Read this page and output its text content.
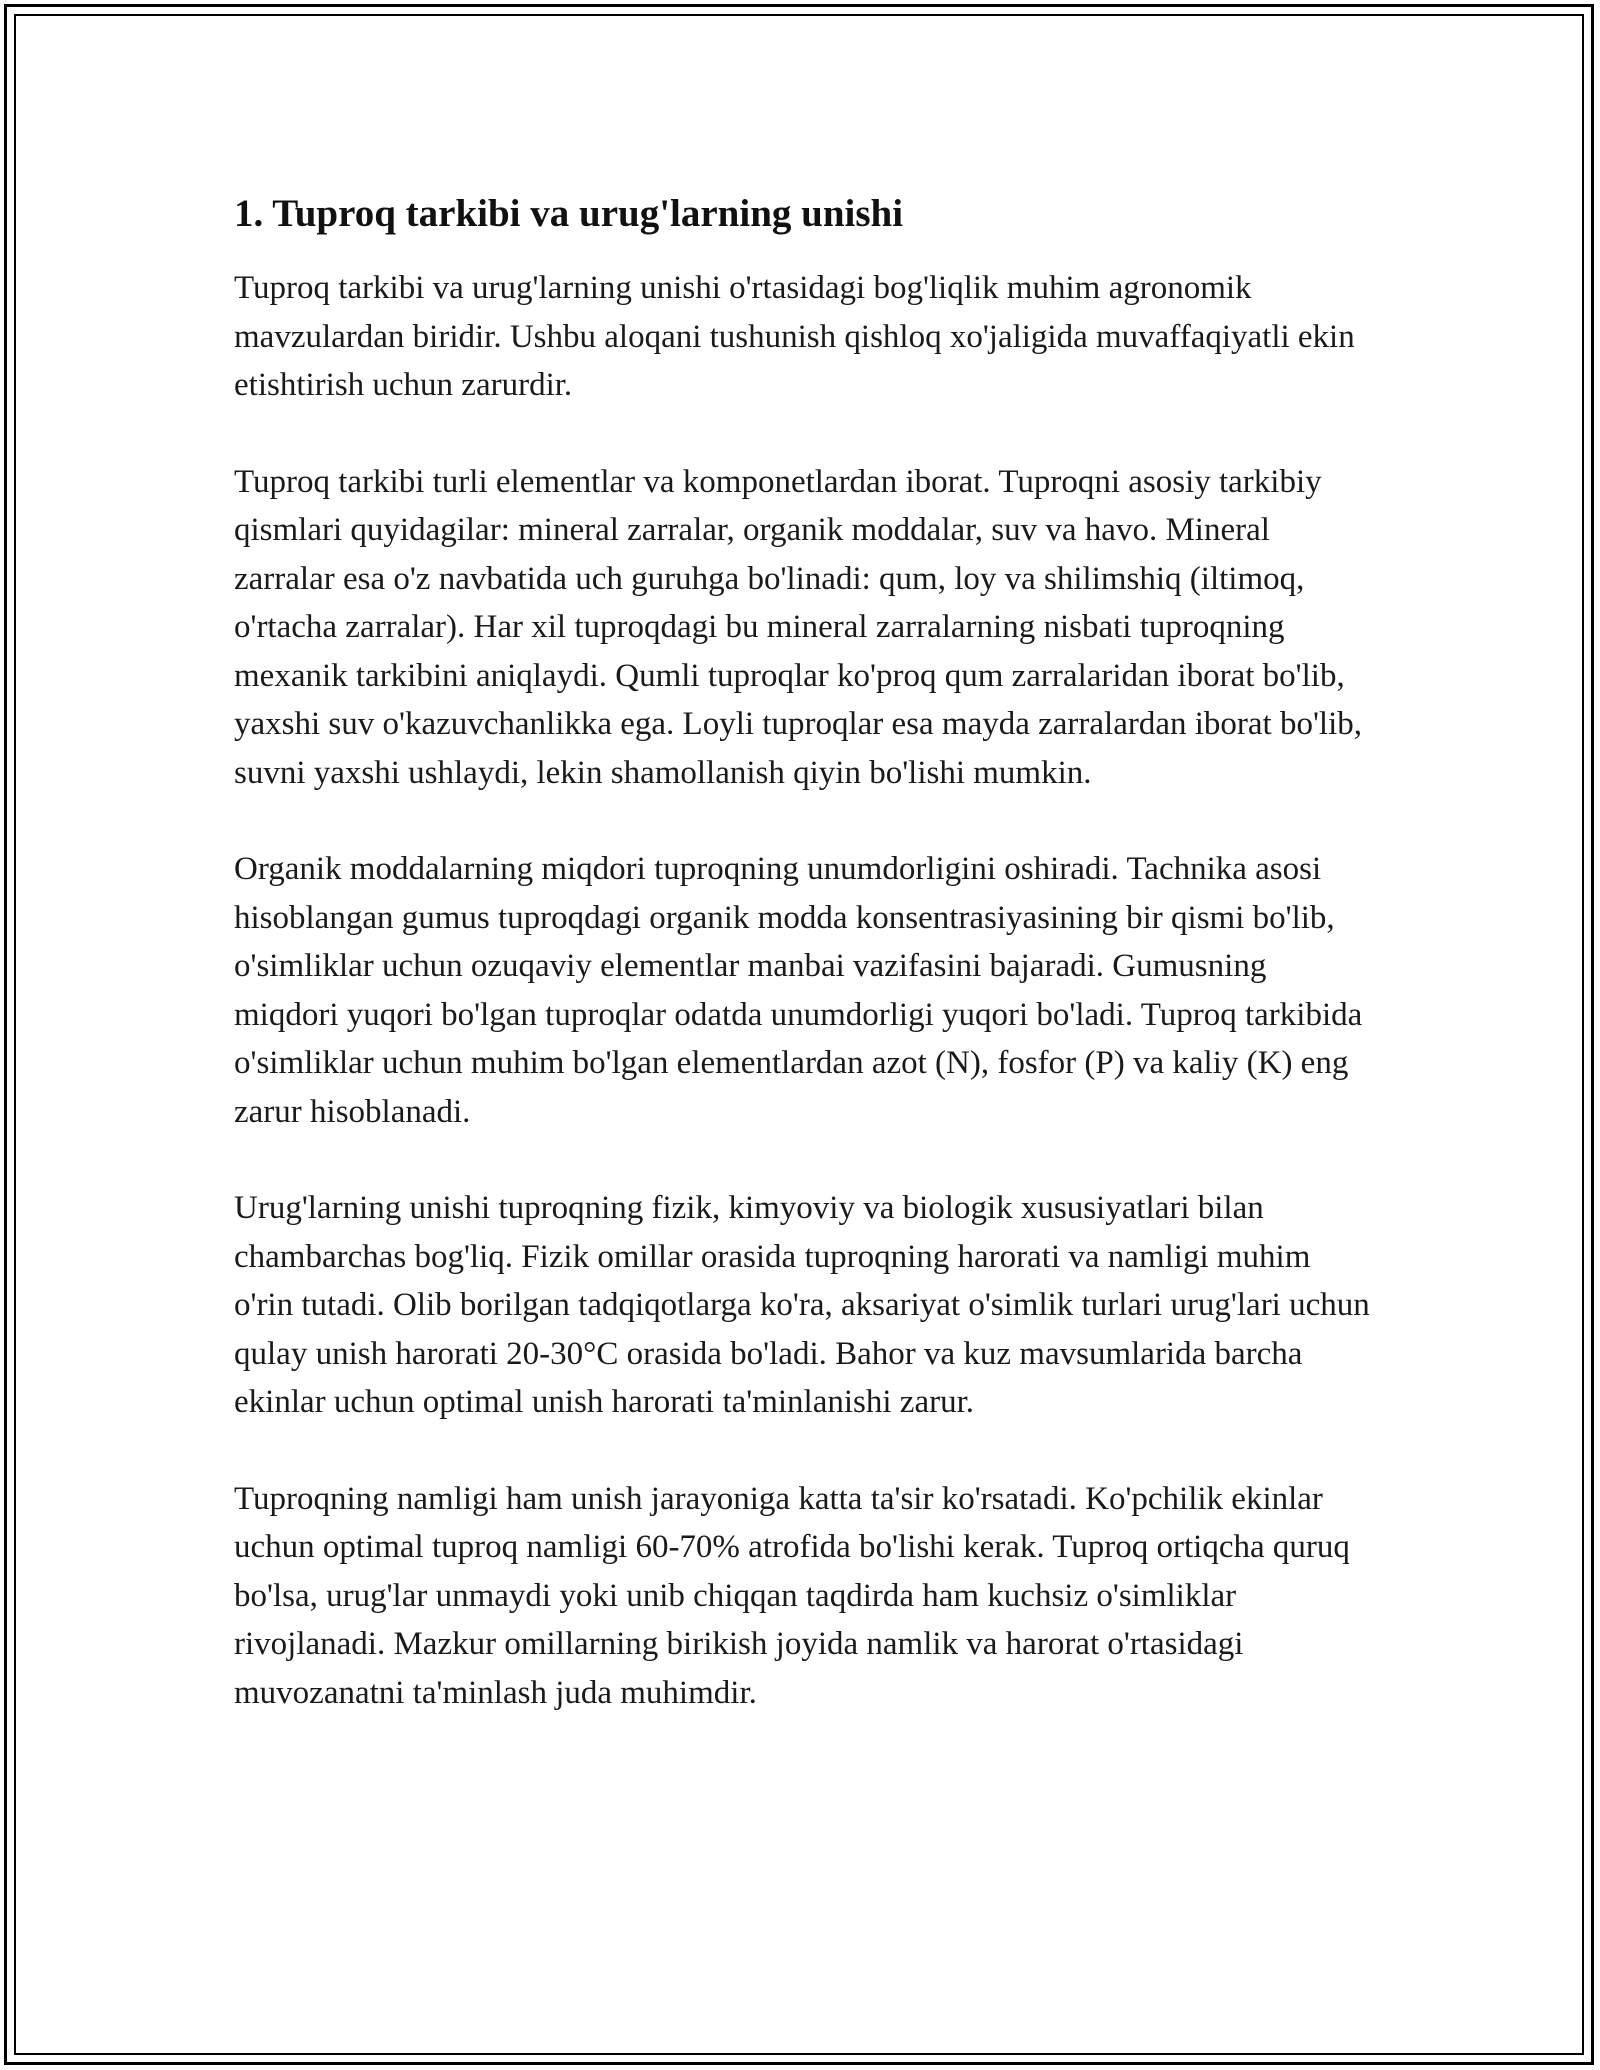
1. Tuproq tarkibi va urug'larning unishi

Tuproq tarkibi va urug'larning unishi o'rtasidagi bog'liqlik muhim agronomik mavzulardan biridir. Ushbu aloqani tushunish qishloq xo'jaligida muvaffaqiyatli ekin etishtirish uchun zarurdir.

Tuproq tarkibi turli elementlar va komponetlardan iborat. Tuproqni asosiy tarkibiy qismlari quyidagilar: mineral zarralar, organik moddalar, suv va havo. Mineral zarralar esa o'z navbatida uch guruhga bo'linadi: qum, loy va shilimshiq (iltimoq, o'rtacha zarralar). Har xil tuproqdagi bu mineral zarralarning nisbati tuproqning mexanik tarkibini aniqlaydi. Qumli tuproqlar ko'proq qum zarralaridan iborat bo'lib, yaxshi suv o'kazuvchanlikka ega. Loyli tuproqlar esa mayda zarralardan iborat bo'lib, suvni yaxshi ushlaydi, lekin shamollanish qiyin bo'lishi mumkin.

Organik moddalarning miqdori tuproqning unumdorligini oshiradi. Tachnika asosi hisoblangan gumus tuproqdagi organik modda konsentrasiyasining bir qismi bo'lib, o'simliklar uchun ozuqaviy elementlar manbai vazifasini bajaradi. Gumusning miqdori yuqori bo'lgan tuproqlar odatda unumdorligi yuqori bo'ladi. Tuproq tarkibida o'simliklar uchun muhim bo'lgan elementlardan azot (N), fosfor (P) va kaliy (K) eng zarur hisoblanadi.

Urug'larning unishi tuproqning fizik, kimyoviy va biologik xususiyatlari bilan chambarchas bog'liq. Fizik omillar orasida tuproqning harorati va namligi muhim o'rin tutadi. Olib borilgan tadqiqotlarga ko'ra, aksariyat o'simlik turlari urug'lari uchun qulay unish harorati 20-30°C orasida bo'ladi. Bahor va kuz mavsumlarida barcha ekinlar uchun optimal unish harorati ta'minlanishi zarur.

Tuproqning namligi ham unish jarayoniga katta ta'sir ko'rsatadi. Ko'pchilik ekinlar uchun optimal tuproq namligi 60-70% atrofida bo'lishi kerak. Tuproq ortiqcha quruq bo'lsa, urug'lar unmaydi yoki unib chiqqan taqdirda ham kuchsiz o'simliklar rivojlanadi. Mazkur omillarning birikish joyida namlik va harorat o'rtasidagi muvozanatni ta'minlash juda muhimdir.
